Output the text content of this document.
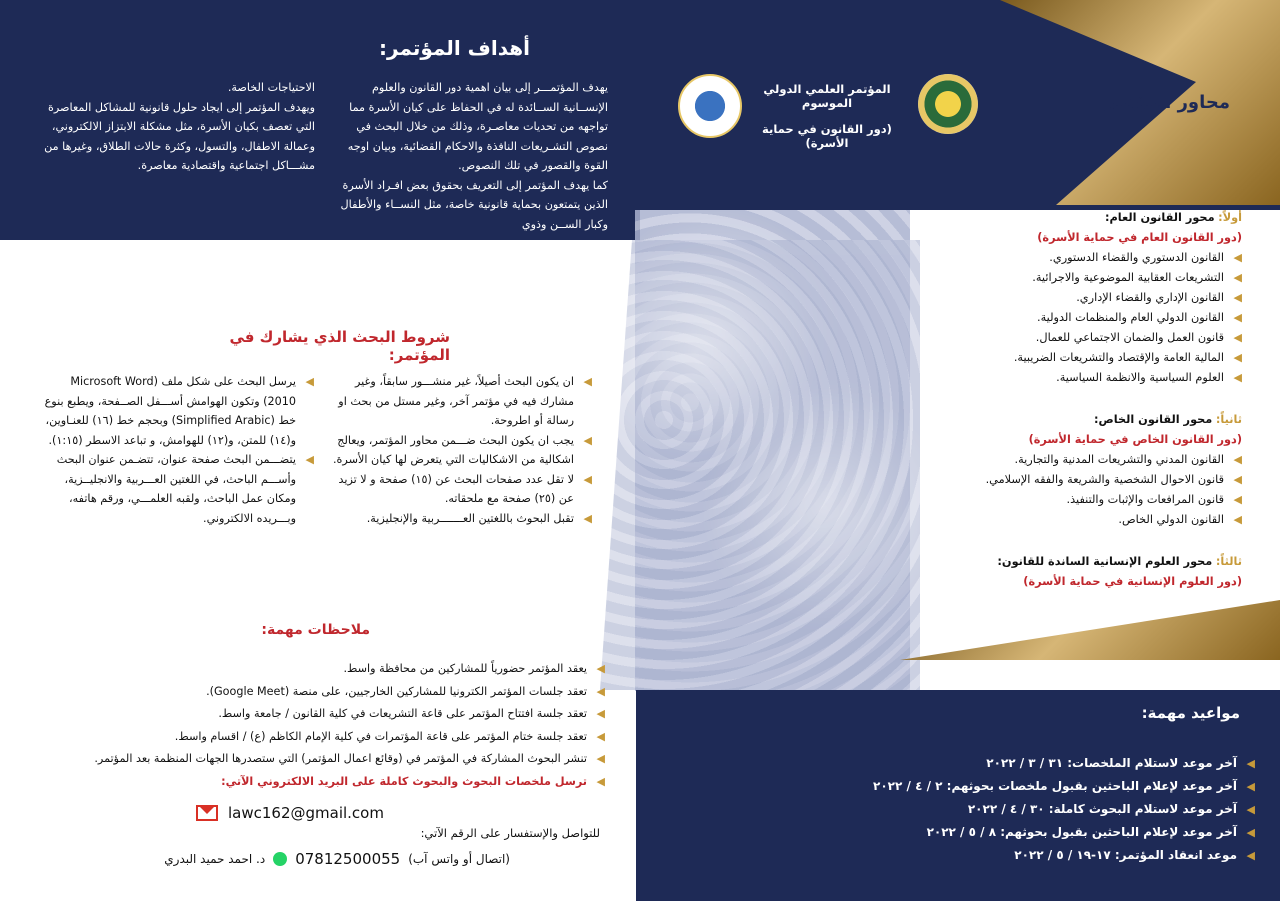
المؤتمر العلمي الدولي الموسوم
(دور القانون في حماية الأسرة)
محاور المؤتمر:
أهداف المؤتمر:
يهدف المؤتمـــر إلى بيان اهمية دور القانون والعلوم الإنســانية الســائدة له في الحفاظ على كيان الأسرة مما تواجهه من تحديات معاصـرة، وذلك من خلال البحث في نصوص التشـريعات النافذة والاحكام القضائية، وبيان اوجه القوة والقصور في تلك النصوص.
كما يهدف المؤتمر إلى التعريف بحقوق بعض افـراد الأسرة الذين يتمتعون بحماية قانونية خاصة، مثل النســاء والأطفال وكبار الســن وذوي
الاحتياجات الخاصة.
ويهدف المؤتمر إلى ايجاد حلول قانونية للمشاكل المعاصرة التي تعصف بكيان الأسرة، مثل مشكلة الابتزاز الالكتروني، وعمالة الاطفال، والتسول، وكثرة حالات الطلاق، وغيرها من مشـــاكل اجتماعية واقتصادية معاصرة.
أولاً: محور القانون العام:
(دور القانون العام في حماية الأسرة)
◀ القانون الدستوري والقضاء الدستوري.
◀ التشريعات العقابية الموضوعية والاجرائية.
◀ القانون الإداري والقضاء الإداري.
◀ القانون الدولي العام والمنظمات الدولية.
◀ قانون العمل والضمان الاجتماعي للعمال.
◀ المالية العامة والإقتصاد والتشريعات الضريبية.
◀ العلوم السياسية والانظمة السياسية.
ثانياً: محور القانون الخاص:
(دور القانون الخاص في حماية الأسرة)
◀ القانون المدني والتشريعات المدنية والتجارية.
◀ قانون الاحوال الشخصية والشريعة والفقه الإسلامي.
◀ قانون المرافعات والإثبات والتنفيذ.
◀ القانون الدولي الخاص.
ثالثاً: محور العلوم الإنسانية الساندة للقانون:
(دور العلوم الإنسانية في حماية الأسرة)
شروط البحث الذي يشارك في المؤتمر:
◀ ان يكون البحث أصيلاً، غير منشـــور سابقاً، وغير مشارك فيه في مؤتمر آخر، وغير مستل من بحث او رسالة أو اطروحة.
◀ يجب ان يكون البحث ضـــمن محاور المؤتمر، ويعالج اشكالية من الاشكاليات التي يتعرض لها كيان الأسرة.
◀ لا تقل عدد صفحات البحث عن (١٥) صفحة و لا تزيد عن (٢٥) صفحة مع ملحقاته.
◀ تقبل البحوث باللغتين العـــــــربية والإنجليزية.
◀ يرسل البحث على شكل ملف (Microsoft Word 2010) وتكون الهوامش أســـفل الصــفحة، ويطبع بنوع خط (Simplified Arabic) وبحجم خط (١٦) للعنـاوين، و(١٤) للمتن، و(١٢) للهوامش، و تباعد الاسطر (١:١٥).
◀ يتضـــمن البحث صفحة عنوان، تتضـمن عنوان البحث وأســـم الباحث، في اللغتين العـــربية والانجليــزية، ومكان عمل الباحث، ولقبه العلمـــي، ورقم هاتفه، وبـــريده الالكتروني.
ملاحظات مهمة:
◀ يعقد المؤتمر حضورياً للمشاركين من محافظة واسط.
◀ تعقد جلسات المؤتمر الكترونيا للمشاركين الخارجيين، على منصة (Google Meet).
◀ تعقد جلسة افتتاح المؤتمر على قاعة التشريعات في كلية القانون / جامعة واسط.
◀ تعقد جلسة ختام المؤتمر على قاعة المؤتمرات في كلية الإمام الكاظم (ع) / اقسام واسط.
◀ تنشر البحوث المشاركة في المؤتمر في (وقائع اعمال المؤتمر) التي ستصدرها الجهات المنظمة بعد المؤتمر.
◀ ترسل ملخصات البحوث والبحوث كاملة على البريد الالكتروني الآتي:
lawc162@gmail.com
للتواصل والإستفسار على الرقم الآتي:
(اتصال أو واتس آب)
07812500055
د. احمد حميد البدري
مواعيد مهمة:
◀ آخر موعد لاستلام الملخصات: ٣١ / ٣ / ٢٠٢٢
◀ آخر موعد لإعلام الباحثين بقبول ملخصات بحوثهم: ٢ / ٤ / ٢٠٢٢
◀ آخر موعد لاستلام البحوث كاملة: ٣٠ / ٤ / ٢٠٢٢
◀ آخر موعد لإعلام الباحثين بقبول بحوثهم: ٨ / ٥ / ٢٠٢٢
◀ موعد انعقاد المؤتمر: ١٧-١٩ / ٥ / ٢٠٢٢
